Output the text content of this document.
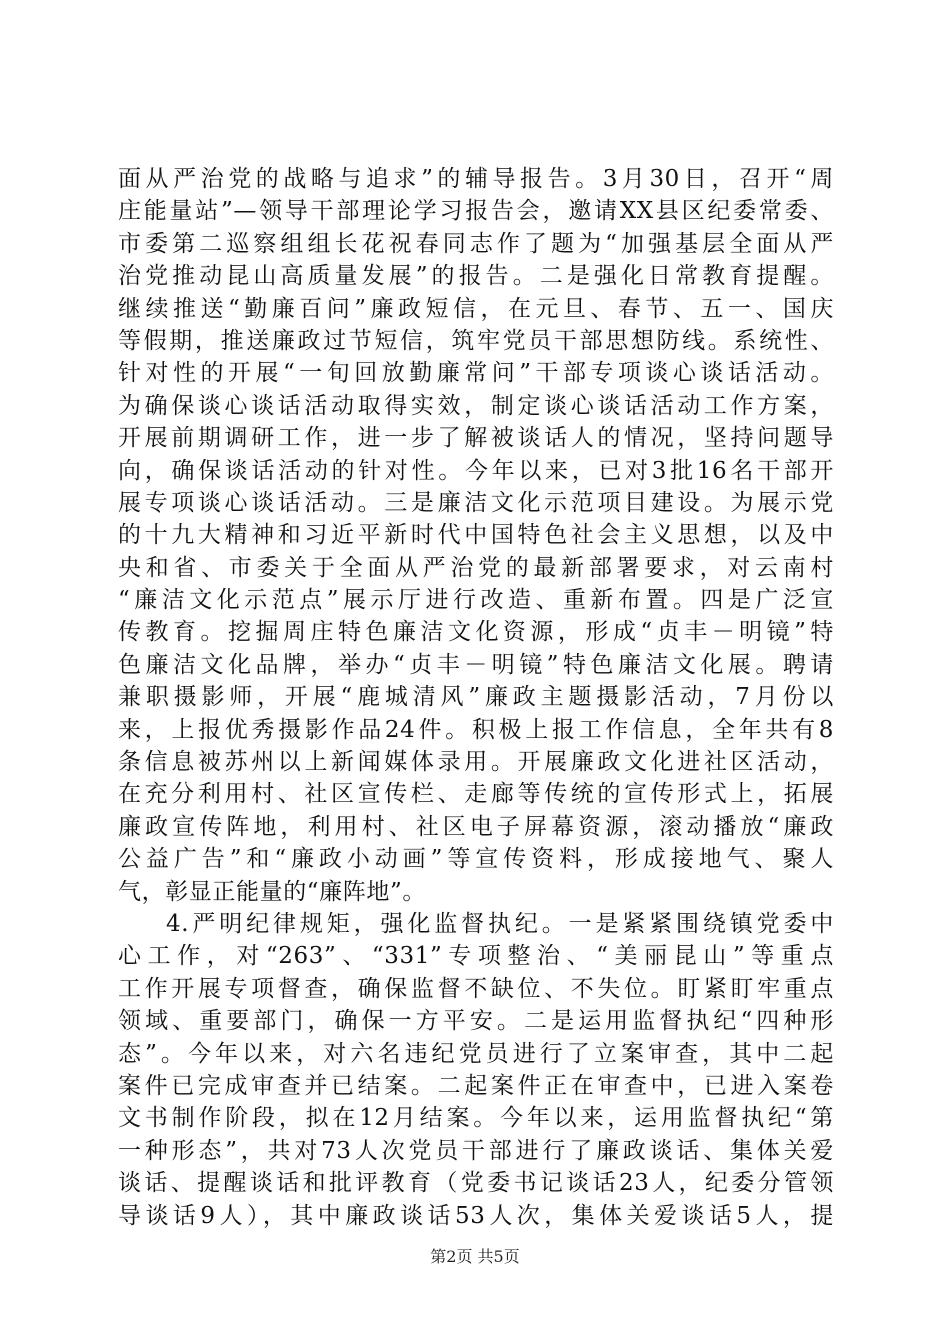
面从严治党的战略与追求”的辅导报告。3月30日，召开“周
庄能量站”—领导干部理论学习报告会，邀请XX县区纪委常委、
市委第二巡察组组长花祝春同志作了题为“加强基层全面从严
治党推动昆山高质量发展”的报告。二是强化日常教育提醒。
继续推送“勤廉百问”廉政短信，在元旦、春节、五一、国庆
等假期，推送廉政过节短信，筑牢党员干部思想防线。系统性、
针对性的开展“一旬回放勤廉常问”干部专项谈心谈话活动。
为确保谈心谈话活动取得实效，制定谈心谈话活动工作方案，
开展前期调研工作，进一步了解被谈话人的情况，坚持问题导
向，确保谈话活动的针对性。今年以来，已对3批16名干部开
展专项谈心谈话活动。三是廉洁文化示范项目建设。为展示党
的十九大精神和习近平新时代中国特色社会主义思想，以及中
央和省、市委关于全面从严治党的最新部署要求，对云南村
“廉洁文化示范点”展示厅进行改造、重新布置。四是广泛宣
传教育。挖掘周庄特色廉洁文化资源，形成“贞丰－明镜”特
色廉洁文化品牌，举办“贞丰－明镜”特色廉洁文化展。聘请
兼职摄影师，开展“鹿城清风”廉政主题摄影活动，7月份以
来，上报优秀摄影作品24件。积极上报工作信息，全年共有8
条信息被苏州以上新闻媒体录用。开展廉政文化进社区活动，
在充分利用村、社区宣传栏、走廊等传统的宣传形式上，拓展
廉政宣传阵地，利用村、社区电子屏幕资源，滚动播放“廉政
公益广告”和“廉政小动画”等宣传资料，形成接地气、聚人
气，彰显正能量的“廉阵地”。
4.严明纪律规矩，强化监督执纪。一是紧紧围绕镇党委中
心工作，对“263”、“331”专项整治、“美丽昆山”等重点
工作开展专项督查，确保监督不缺位、不失位。盯紧盯牢重点
领域、重要部门，确保一方平安。二是运用监督执纪“四种形
态”。今年以来，对六名违纪党员进行了立案审查，其中二起
案件已完成审查并已结案。二起案件正在审查中，已进入案卷
文书制作阶段，拟在12月结案。今年以来，运用监督执纪“第
一种形态”，共对73人次党员干部进行了廉政谈话、集体关爱
谈话、提醒谈话和批评教育（党委书记谈话23人，纪委分管领
导谈话9人），其中廉政谈话53人次，集体关爱谈话5人，提
第2页 共5页
